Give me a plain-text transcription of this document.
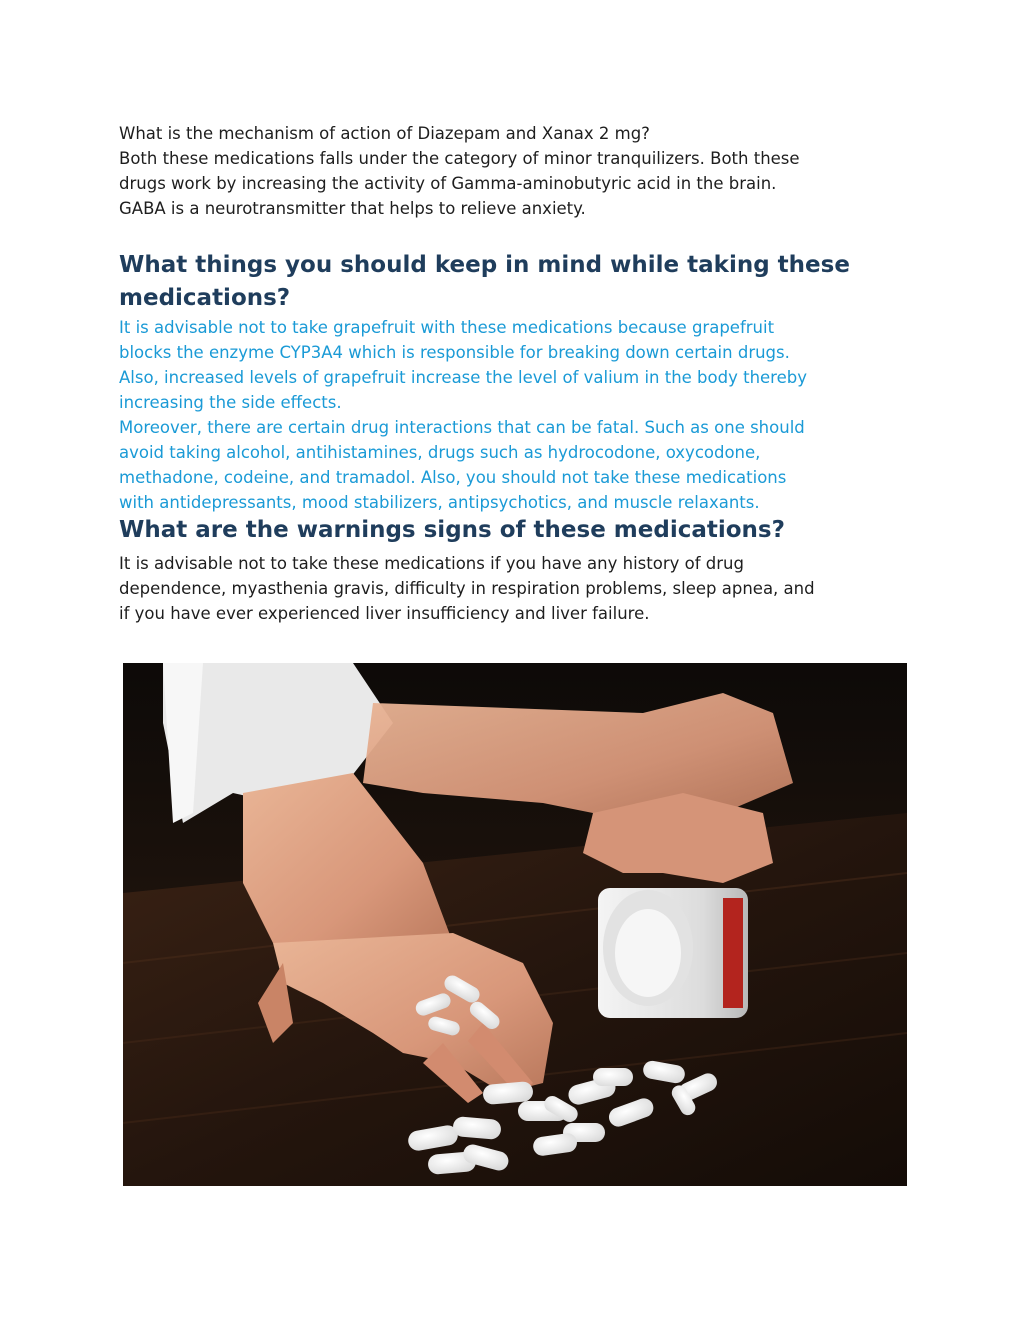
What is the mechanism of action of Diazepam and Xanax 2 mg?
Both these medications falls under the category of minor tranquilizers. Both these
drugs work by increasing the activity of Gamma-aminobutyric acid in the brain.
GABA is a neurotransmitter that helps to relieve anxiety.

What things you should keep in mind while taking these
medications?

It is advisable not to take grapefruit with these medications because grapefruit
blocks the enzyme CYP3A4 which is responsible for breaking down certain drugs.
Also, increased levels of grapefruit increase the level of valium in the body thereby
increasing the side effects.
Moreover, there are certain drug interactions that can be fatal. Such as one should
avoid taking alcohol, antihistamines, drugs such as hydrocodone, oxycodone,
methadone, codeine, and tramadol. Also, you should not take these medications
with antidepressants, mood stabilizers, antipsychotics, and muscle relaxants.

What are the warnings signs of these medications?

It is advisable not to take these medications if you have any history of drug
dependence, myasthenia gravis, difficulty in respiration problems, sleep apnea, and
if you have ever experienced liver insufficiency and liver failure.
